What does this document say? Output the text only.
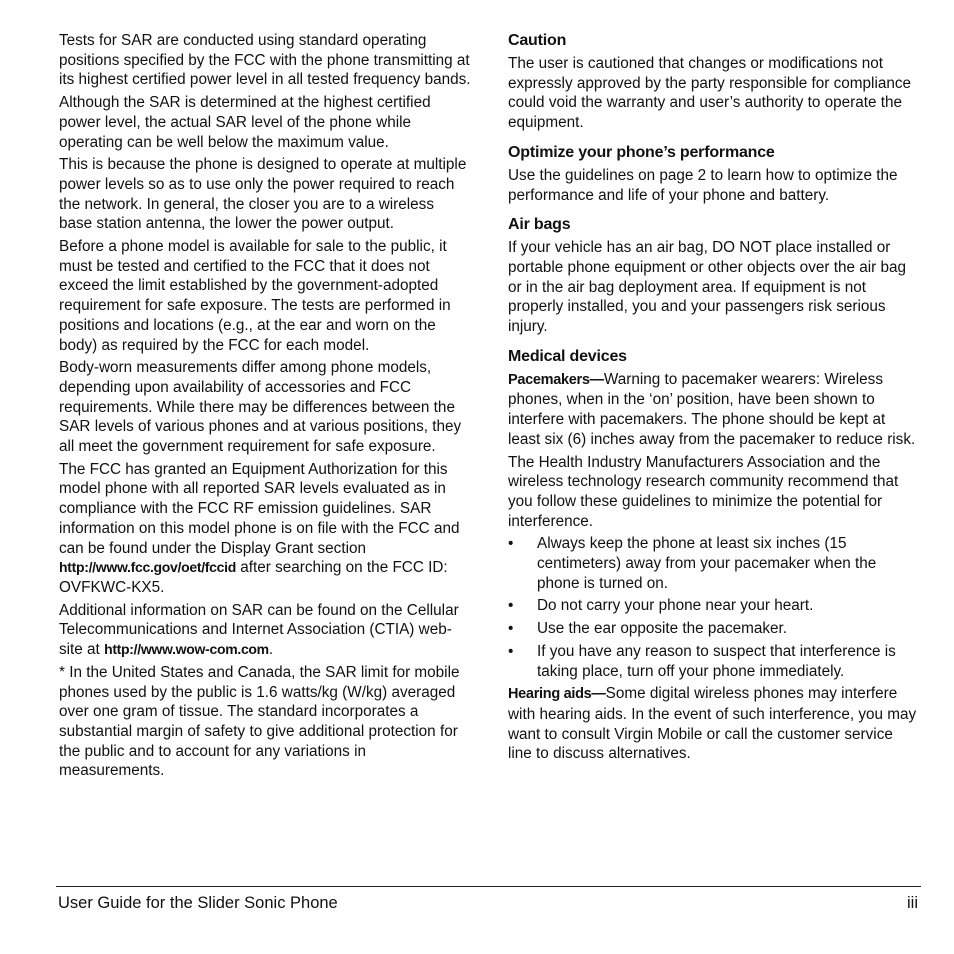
Tests for SAR are conducted using standard operating positions specified by the FCC with the phone transmitting at its highest certified power level in all tested frequency bands.

Although the SAR is determined at the highest certified power level, the actual SAR level of the phone while operating can be well below the maximum value.

This is because the phone is designed to operate at multiple power levels so as to use only the power required to reach the network. In general, the closer you are to a wireless base station antenna, the lower the power output.

Before a phone model is available for sale to the public, it must be tested and certified to the FCC that it does not exceed the limit established by the government-adopted requirement for safe exposure. The tests are performed in positions and locations (e.g., at the ear and worn on the body) as required by the FCC for each model.

Body-worn measurements differ among phone models, depending upon availability of accessories and FCC requirements. While there may be differences between the SAR levels of various phones and at various positions, they all meet the government requirement for safe exposure.

The FCC has granted an Equipment Authorization for this model phone with all reported SAR levels evaluated as in compliance with the FCC RF emission guidelines. SAR information on this model phone is on file with the FCC and can be found under the Display Grant section http://www.fcc.gov/oet/fccid after searching on the FCC ID: OVFKWC-KX5.

Additional information on SAR can be found on the Cellular Telecommunications and Internet Association (CTIA) web-site at http://www.wow-com.com.

* In the United States and Canada, the SAR limit for mobile phones used by the public is 1.6 watts/kg (W/kg) averaged over one gram of tissue. The standard incorporates a substantial margin of safety to give additional protection for the public and to account for any variations in measurements.

Caution

The user is cautioned that changes or modifications not expressly approved by the party responsible for compliance could void the warranty and user’s authority to operate the equipment.

Optimize your phone’s performance

Use the guidelines on page 2 to learn how to optimize the performance and life of your phone and battery.

Air bags

If your vehicle has an air bag, DO NOT place installed or portable phone equipment or other objects over the air bag or in the air bag deployment area. If equipment is not properly installed, you and your passengers risk serious injury.

Medical devices

Pacemakers—Warning to pacemaker wearers: Wireless phones, when in the ‘on’ position, have been shown to interfere with pacemakers. The phone should be kept at least six (6) inches away from the pacemaker to reduce risk.

The Health Industry Manufacturers Association and the wireless technology research community recommend that you follow these guidelines to minimize the potential for interference.

• Always keep the phone at least six inches (15 centimeters) away from your pacemaker when the phone is turned on.
• Do not carry your phone near your heart.
• Use the ear opposite the pacemaker.
• If you have any reason to suspect that interference is taking place, turn off your phone immediately.

Hearing aids—Some digital wireless phones may interfere with hearing aids. In the event of such interference, you may want to consult Virgin Mobile or call the customer service line to discuss alternatives.

User Guide for the Slider Sonic Phone	iii
